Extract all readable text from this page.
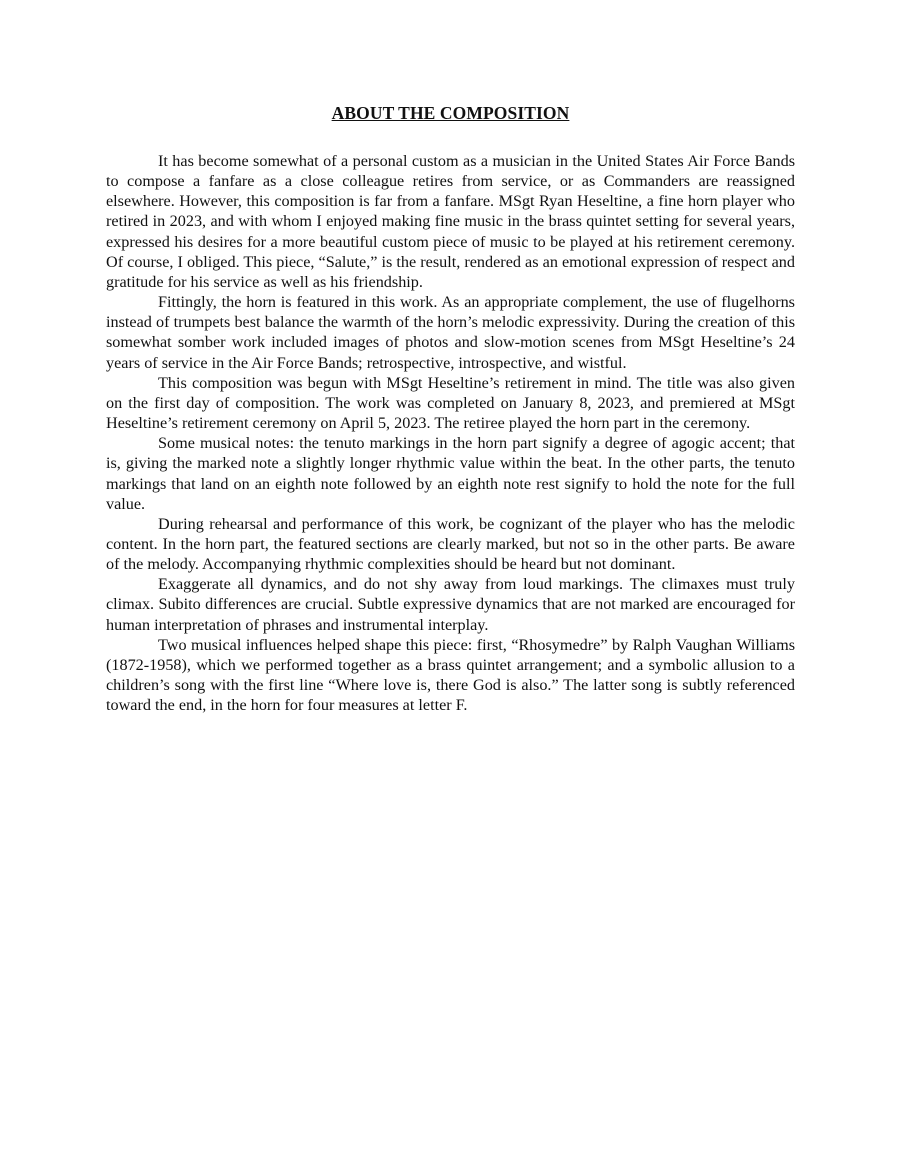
ABOUT THE COMPOSITION

It has become somewhat of a personal custom as a musician in the United States Air Force Bands to compose a fanfare as a close colleague retires from service, or as Commanders are reassigned elsewhere. However, this composition is far from a fanfare. MSgt Ryan Heseltine, a fine horn player who retired in 2023, and with whom I enjoyed making fine music in the brass quintet setting for several years, expressed his desires for a more beautiful custom piece of music to be played at his retirement ceremony. Of course, I obliged. This piece, “Salute,” is the result, rendered as an emotional expression of respect and gratitude for his service as well as his friendship.

Fittingly, the horn is featured in this work. As an appropriate complement, the use of flugelhorns instead of trumpets best balance the warmth of the horn’s melodic expressivity. During the creation of this somewhat somber work included images of photos and slow-motion scenes from MSgt Heseltine’s 24 years of service in the Air Force Bands; retrospective, introspective, and wistful.

This composition was begun with MSgt Heseltine’s retirement in mind. The title was also given on the first day of composition. The work was completed on January 8, 2023, and premiered at MSgt Heseltine’s retirement ceremony on April 5, 2023. The retiree played the horn part in the ceremony.

Some musical notes: the tenuto markings in the horn part signify a degree of agogic accent; that is, giving the marked note a slightly longer rhythmic value within the beat. In the other parts, the tenuto markings that land on an eighth note followed by an eighth note rest signify to hold the note for the full value.

During rehearsal and performance of this work, be cognizant of the player who has the melodic content. In the horn part, the featured sections are clearly marked, but not so in the other parts. Be aware of the melody. Accompanying rhythmic complexities should be heard but not dominant.

Exaggerate all dynamics, and do not shy away from loud markings. The climaxes must truly climax. Subito differences are crucial. Subtle expressive dynamics that are not marked are encouraged for human interpretation of phrases and instrumental interplay.

Two musical influences helped shape this piece: first, “Rhosymedre” by Ralph Vaughan Williams (1872-1958), which we performed together as a brass quintet arrangement; and a symbolic allusion to a children’s song with the first line “Where love is, there God is also.” The latter song is subtly referenced toward the end, in the horn for four measures at letter F.
